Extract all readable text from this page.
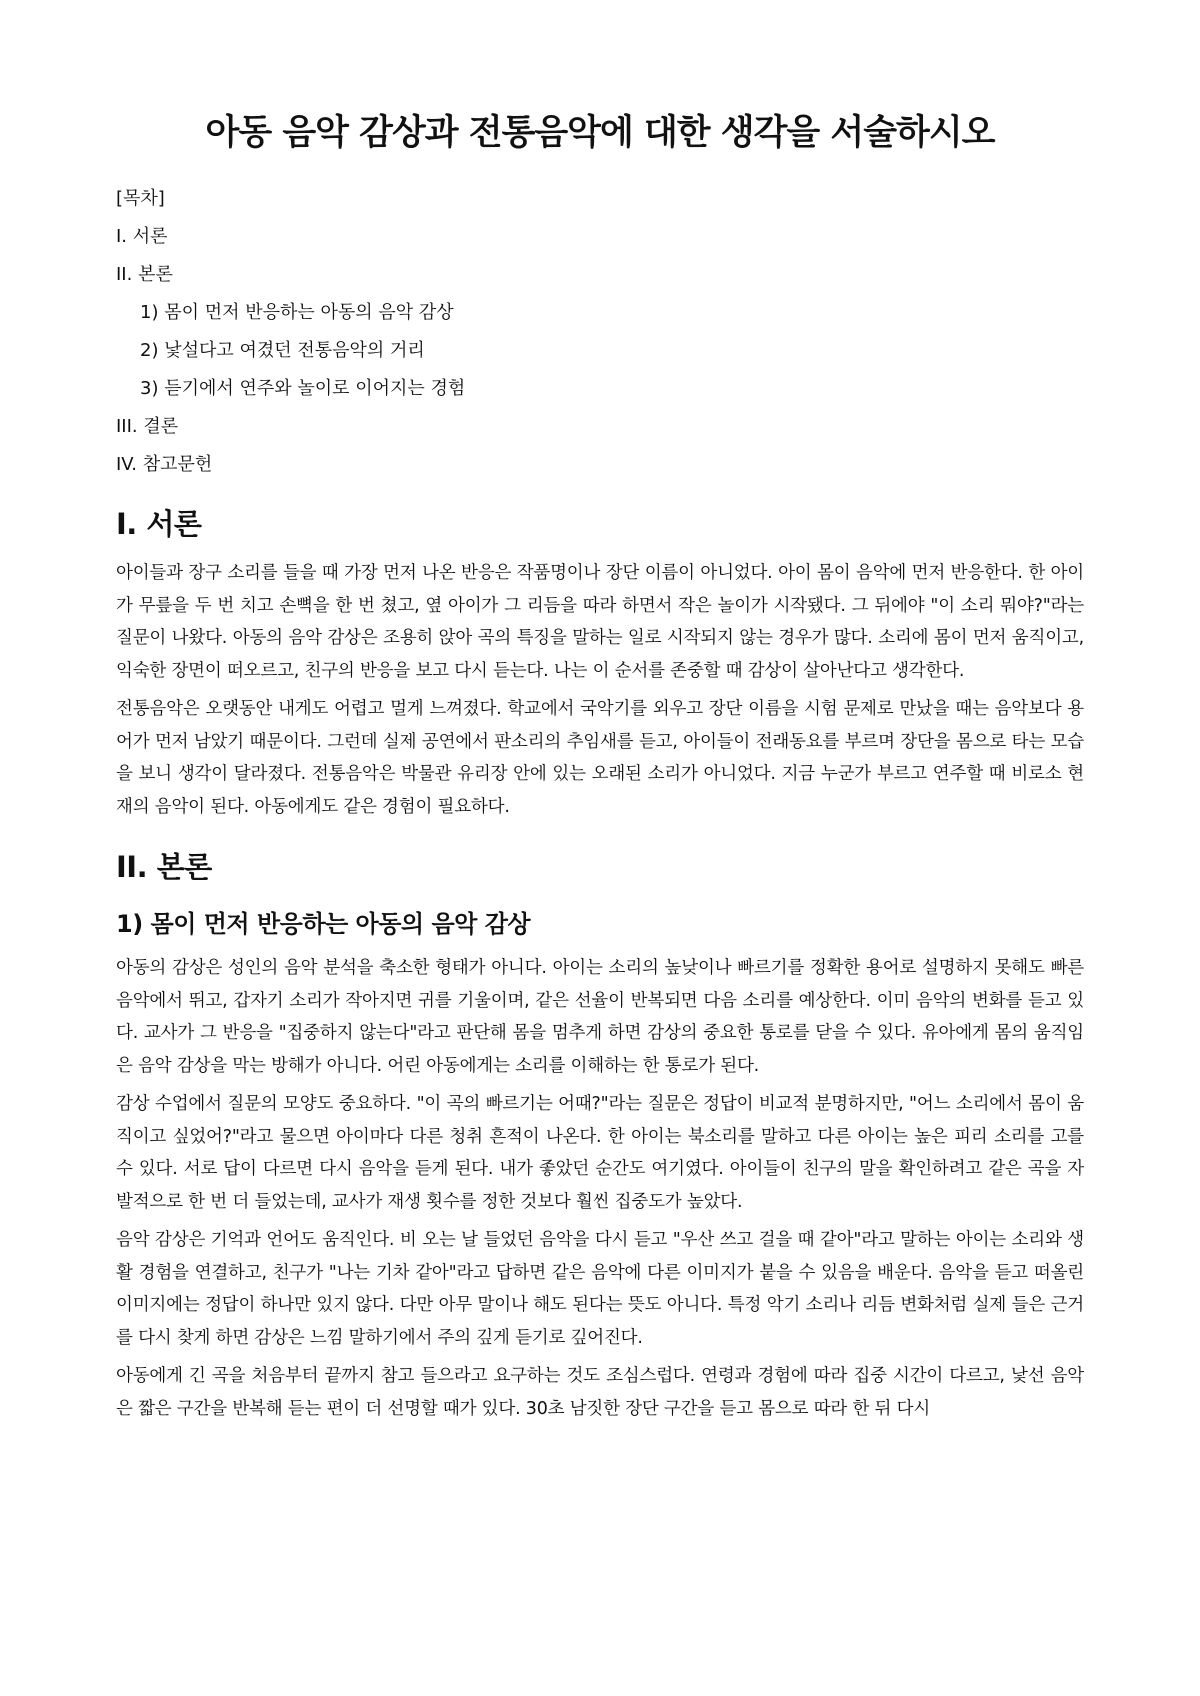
아동 음악 감상과 전통음악에 대한 생각을 서술하시오

[목차]

I. 서론
II. 본론
1) 몸이 먼저 반응하는 아동의 음악 감상
2) 낯설다고 여겼던 전통음악의 거리
3) 듣기에서 연주와 놀이로 이어지는 경험
III. 결론
IV. 참고문헌
I. 서론

아이들과 장구 소리를 들을 때 가장 먼저 나온 반응은 작품명이나 장단 이름이 아니었다. 아이 몸이 음악에 먼저 반응한다. 한 아이가 무릎을 두 번 치고 손뼉을 한 번 쳤고, 옆 아이가 그 리듬을 따라 하면서 작은 놀이가 시작됐다. 그 뒤에야 "이 소리 뭐야?"라는 질문이 나왔다. 아동의 음악 감상은 조용히 앉아 곡의 특징을 말하는 일로 시작되지 않는 경우가 많다. 소리에 몸이 먼저 움직이고, 익숙한 장면이 떠오르고, 친구의 반응을 보고 다시 듣는다. 나는 이 순서를 존중할 때 감상이 살아난다고 생각한다.

전통음악은 오랫동안 내게도 어렵고 멀게 느껴졌다. 학교에서 국악기를 외우고 장단 이름을 시험 문제로 만났을 때는 음악보다 용어가 먼저 남았기 때문이다. 그런데 실제 공연에서 판소리의 추임새를 듣고, 아이들이 전래동요를 부르며 장단을 몸으로 타는 모습을 보니 생각이 달라졌다. 전통음악은 박물관 유리장 안에 있는 오래된 소리가 아니었다. 지금 누군가 부르고 연주할 때 비로소 현재의 음악이 된다. 아동에게도 같은 경험이 필요하다.

II. 본론
1) 몸이 먼저 반응하는 아동의 음악 감상

아동의 감상은 성인의 음악 분석을 축소한 형태가 아니다. 아이는 소리의 높낮이나 빠르기를 정확한 용어로 설명하지 못해도 빠른 음악에서 뛰고, 갑자기 소리가 작아지면 귀를 기울이며, 같은 선율이 반복되면 다음 소리를 예상한다. 이미 음악의 변화를 듣고 있다. 교사가 그 반응을 "집중하지 않는다"라고 판단해 몸을 멈추게 하면 감상의 중요한 통로를 닫을 수 있다. 유아에게 몸의 움직임은 음악 감상을 막는 방해가 아니다. 어린 아동에게는 소리를 이해하는 한 통로가 된다.

감상 수업에서 질문의 모양도 중요하다. "이 곡의 빠르기는 어때?"라는 질문은 정답이 비교적 분명하지만, "어느 소리에서 몸이 움직이고 싶었어?"라고 물으면 아이마다 다른 청취 흔적이 나온다. 한 아이는 북소리를 말하고 다른 아이는 높은 피리 소리를 고를 수 있다. 서로 답이 다르면 다시 음악을 듣게 된다. 내가 좋았던 순간도 여기였다. 아이들이 친구의 말을 확인하려고 같은 곡을 자발적으로 한 번 더 들었는데, 교사가 재생 횟수를 정한 것보다 훨씬 집중도가 높았다.

음악 감상은 기억과 언어도 움직인다. 비 오는 날 들었던 음악을 다시 듣고 "우산 쓰고 걸을 때 같아"라고 말하는 아이는 소리와 생활 경험을 연결하고, 친구가 "나는 기차 같아"라고 답하면 같은 음악에 다른 이미지가 붙을 수 있음을 배운다. 음악을 듣고 떠올린 이미지에는 정답이 하나만 있지 않다. 다만 아무 말이나 해도 된다는 뜻도 아니다. 특정 악기 소리나 리듬 변화처럼 실제 들은 근거를 다시 찾게 하면 감상은 느낌 말하기에서 주의 깊게 듣기로 깊어진다.

아동에게 긴 곡을 처음부터 끝까지 참고 들으라고 요구하는 것도 조심스럽다. 연령과 경험에 따라 집중 시간이 다르고, 낯선 음악은 짧은 구간을 반복해 듣는 편이 더 선명할 때가 있다. 30초 남짓한 장단 구간을 듣고 몸으로 따라 한 뒤 다시
